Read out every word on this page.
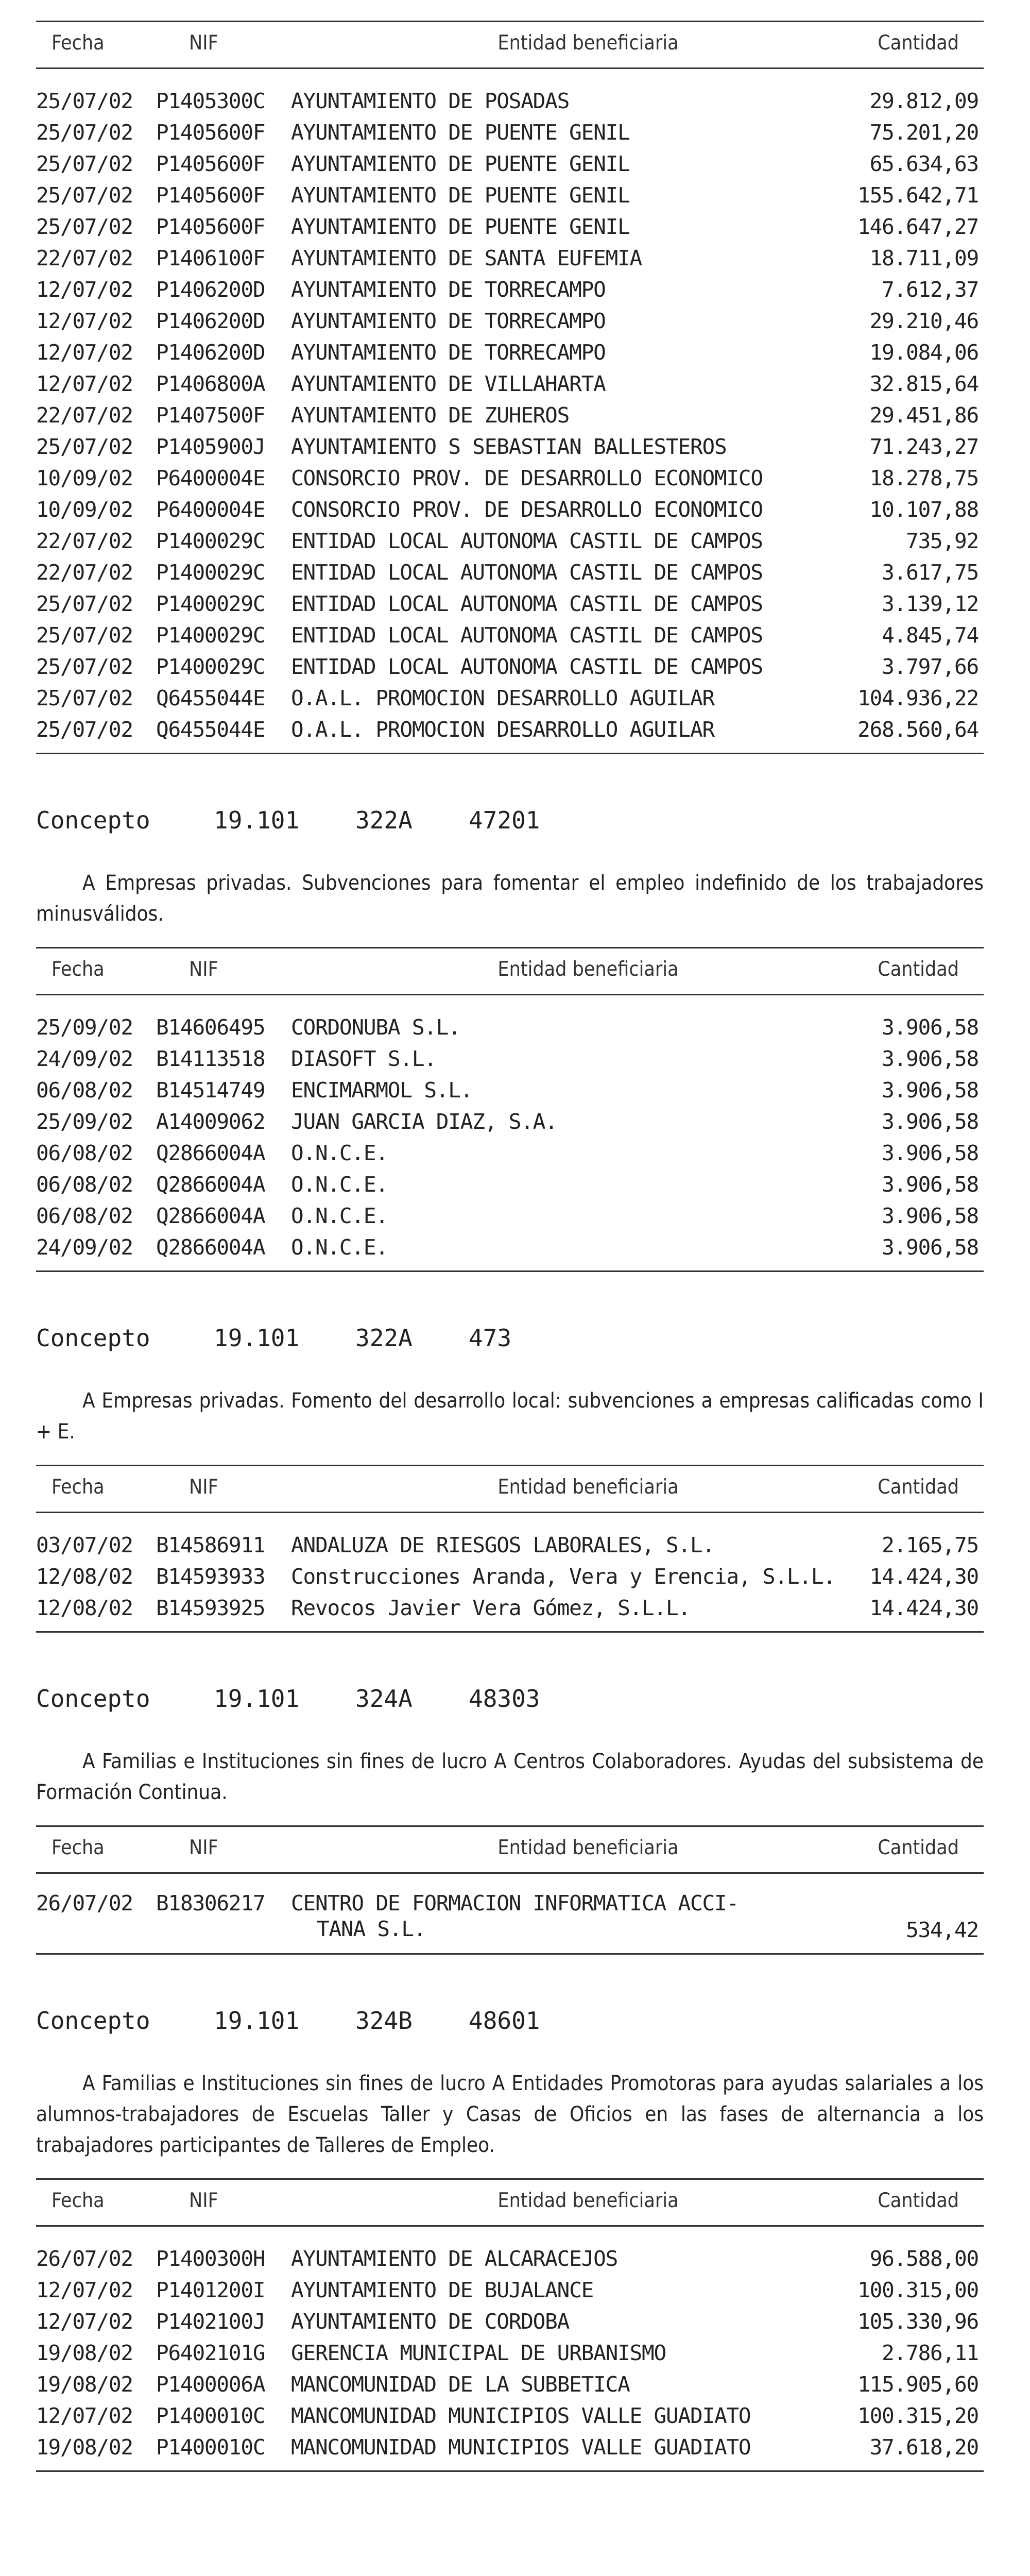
Fecha	NIF	Entidad beneficiaria	Cantidad
25/07/02 P1405300C AYUNTAMIENTO DE POSADAS	29.812,09
25/07/02 P1405600F AYUNTAMIENTO DE PUENTE GENIL	75.201,20
25/07/02 P1405600F AYUNTAMIENTO DE PUENTE GENIL	65.634,63
25/07/02 P1405600F AYUNTAMIENTO DE PUENTE GENIL	155.642,71
25/07/02 P1405600F AYUNTAMIENTO DE PUENTE GENIL	146.647,27
22/07/02 P1406100F AYUNTAMIENTO DE SANTA EUFEMIA	18.711,09
12/07/02 P1406200D AYUNTAMIENTO DE TORRECAMPO	7.612,37
12/07/02 P1406200D AYUNTAMIENTO DE TORRECAMPO	29.210,46
12/07/02 P1406200D AYUNTAMIENTO DE TORRECAMPO	19.084,06
12/07/02 P1406800A AYUNTAMIENTO DE VILLAHARTA	32.815,64
22/07/02 P1407500F AYUNTAMIENTO DE ZUHEROS	29.451,86
25/07/02 P1405900J AYUNTAMIENTO S SEBASTIAN BALLESTEROS	71.243,27
10/09/02 P6400004E CONSORCIO PROV. DE DESARROLLO ECONOMICO	18.278,75
10/09/02 P6400004E CONSORCIO PROV. DE DESARROLLO ECONOMICO	10.107,88
22/07/02 P1400029C ENTIDAD LOCAL AUTONOMA CASTIL DE CAMPOS	735,92
22/07/02 P1400029C ENTIDAD LOCAL AUTONOMA CASTIL DE CAMPOS	3.617,75
25/07/02 P1400029C ENTIDAD LOCAL AUTONOMA CASTIL DE CAMPOS	3.139,12
25/07/02 P1400029C ENTIDAD LOCAL AUTONOMA CASTIL DE CAMPOS	4.845,74
25/07/02 P1400029C ENTIDAD LOCAL AUTONOMA CASTIL DE CAMPOS	3.797,66
25/07/02 Q6455044E O.A.L. PROMOCION DESARROLLO AGUILAR	104.936,22
25/07/02 Q6455044E O.A.L. PROMOCION DESARROLLO AGUILAR	268.560,64
Concepto	19.101 322A 47201
A Empresas privadas. Subvenciones para fomentar el empleo indefinido de los trabajadores minusválidos.
Fecha	NIF	Entidad beneficiaria	Cantidad
25/09/02 B14606495 CORDONUBA S.L.	3.906,58
24/09/02 B14113518 DIASOFT S.L.	3.906,58
06/08/02 B14514749 ENCIMARMOL S.L.	3.906,58
25/09/02 A14009062 JUAN GARCIA DIAZ, S.A.	3.906,58
06/08/02 Q2866004A O.N.C.E.	3.906,58
06/08/02 Q2866004A O.N.C.E.	3.906,58
06/08/02 Q2866004A O.N.C.E.	3.906,58
24/09/02 Q2866004A O.N.C.E.	3.906,58
Concepto	19.101 322A 473
A Empresas privadas. Fomento del desarrollo local: subvenciones a empresas calificadas como I + E.
Fecha	NIF	Entidad beneficiaria	Cantidad
03/07/02 B14586911 ANDALUZA DE RIESGOS LABORALES, S.L.	2.165,75
12/08/02 B14593933 Construcciones Aranda, Vera y Erencia, S.L.L. 14.424,30
12/08/02 B14593925 Revocos Javier Vera Gómez, S.L.L.	14.424,30
Concepto	19.101 324A 48303
A Familias e Instituciones sin fines de lucro A Centros Colaboradores. Ayudas del subsistema de Formación Continua.
Fecha	NIF	Entidad beneficiaria	Cantidad
26/07/02 B18306217 CENTRO DE FORMACION INFORMATICA ACCI-
TANA S.L.	534,42
Concepto	19.101 324B 48601
A Familias e Instituciones sin fines de lucro A Entidades Promotoras para ayudas salariales a los alumnos-trabajadores de Escuelas Taller y Casas de Oficios en las fases de alternancia a los trabajadores participantes de Talleres de Empleo.
Fecha	NIF	Entidad beneficiaria	Cantidad
26/07/02 P1400300H AYUNTAMIENTO DE ALCARACEJOS	96.588,00
12/07/02 P1401200I AYUNTAMIENTO DE BUJALANCE	100.315,00
12/07/02 P1402100J AYUNTAMIENTO DE CORDOBA	105.330,96
19/08/02 P6402101G GERENCIA MUNICIPAL DE URBANISMO	2.786,11
19/08/02 P1400006A MANCOMUNIDAD DE LA SUBBETICA	115.905,60
12/07/02 P1400010C MANCOMUNIDAD MUNICIPIOS VALLE GUADIATO	100.315,20
19/08/02 P1400010C MANCOMUNIDAD MUNICIPIOS VALLE GUADIATO	37.618,20
